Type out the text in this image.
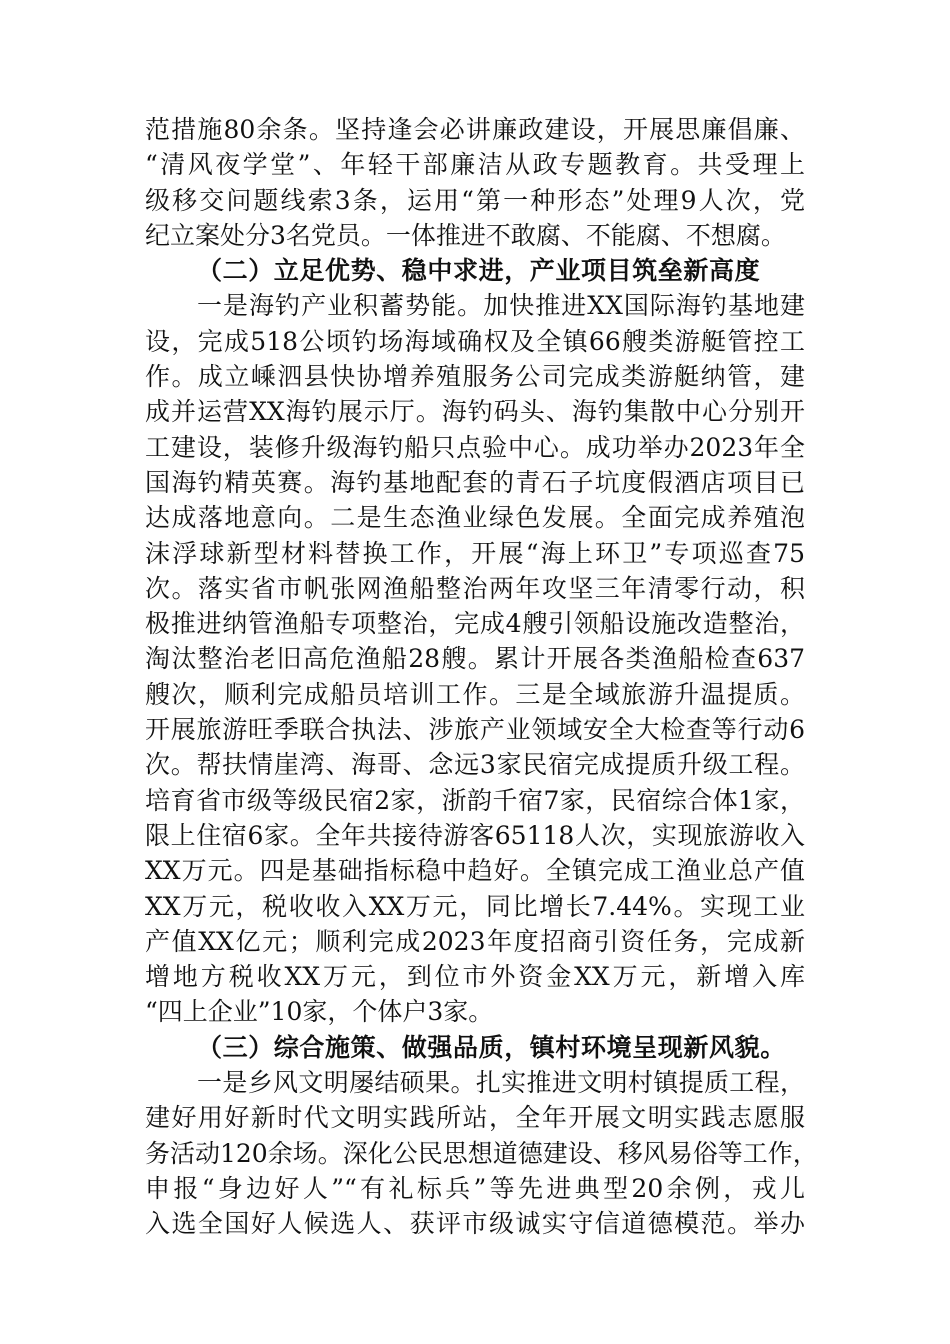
范措施80余条。坚持逢会必讲廉政建设，开展思廉倡廉、
“清风夜学堂”、年轻干部廉洁从政专题教育。共受理上
级移交问题线索3条，运用“第一种形态”处理9人次，党
纪立案处分3名党员。一体推进不敢腐、不能腐、不想腐。
（二）立足优势、稳中求进，产业项目筑垒新高度
一是海钓产业积蓄势能。加快推进XX国际海钓基地建
设，完成518公顷钓场海域确权及全镇66艘类游艇管控工
作。成立嵊泗县快协增养殖服务公司完成类游艇纳管，建
成并运营XX海钓展示厅。海钓码头、海钓集散中心分别开
工建设，装修升级海钓船只点验中心。成功举办2023年全
国海钓精英赛。海钓基地配套的青石子坑度假酒店项目已
达成落地意向。二是生态渔业绿色发展。全面完成养殖泡
沫浮球新型材料替换工作，开展“海上环卫”专项巡查75
次。落实省市帆张网渔船整治两年攻坚三年清零行动，积
极推进纳管渔船专项整治，完成4艘引领船设施改造整治，
淘汰整治老旧高危渔船28艘。累计开展各类渔船检查637
艘次，顺利完成船员培训工作。三是全域旅游升温提质。
开展旅游旺季联合执法、涉旅产业领域安全大检查等行动6
次。帮扶情崖湾、海哥、念远3家民宿完成提质升级工程。
培育省市级等级民宿2家，浙韵千宿7家，民宿综合体1家，
限上住宿6家。全年共接待游客65118人次，实现旅游收入
XX万元。四是基础指标稳中趋好。全镇完成工渔业总产值
XX万元，税收收入XX万元，同比增长7.44%。实现工业
产值XX亿元；顺利完成2023年度招商引资任务，完成新
增地方税收XX万元，到位市外资金XX万元，新增入库
“四上企业”10家，个体户3家。
（三）综合施策、做强品质，镇村环境呈现新风貌。
一是乡风文明屡结硕果。扎实推进文明村镇提质工程，
建好用好新时代文明实践所站，全年开展文明实践志愿服
务活动120余场。深化公民思想道德建设、移风易俗等工作，
申报“身边好人”“有礼标兵”等先进典型20余例，戎儿
入选全国好人候选人、获评市级诚实守信道德模范。举办
